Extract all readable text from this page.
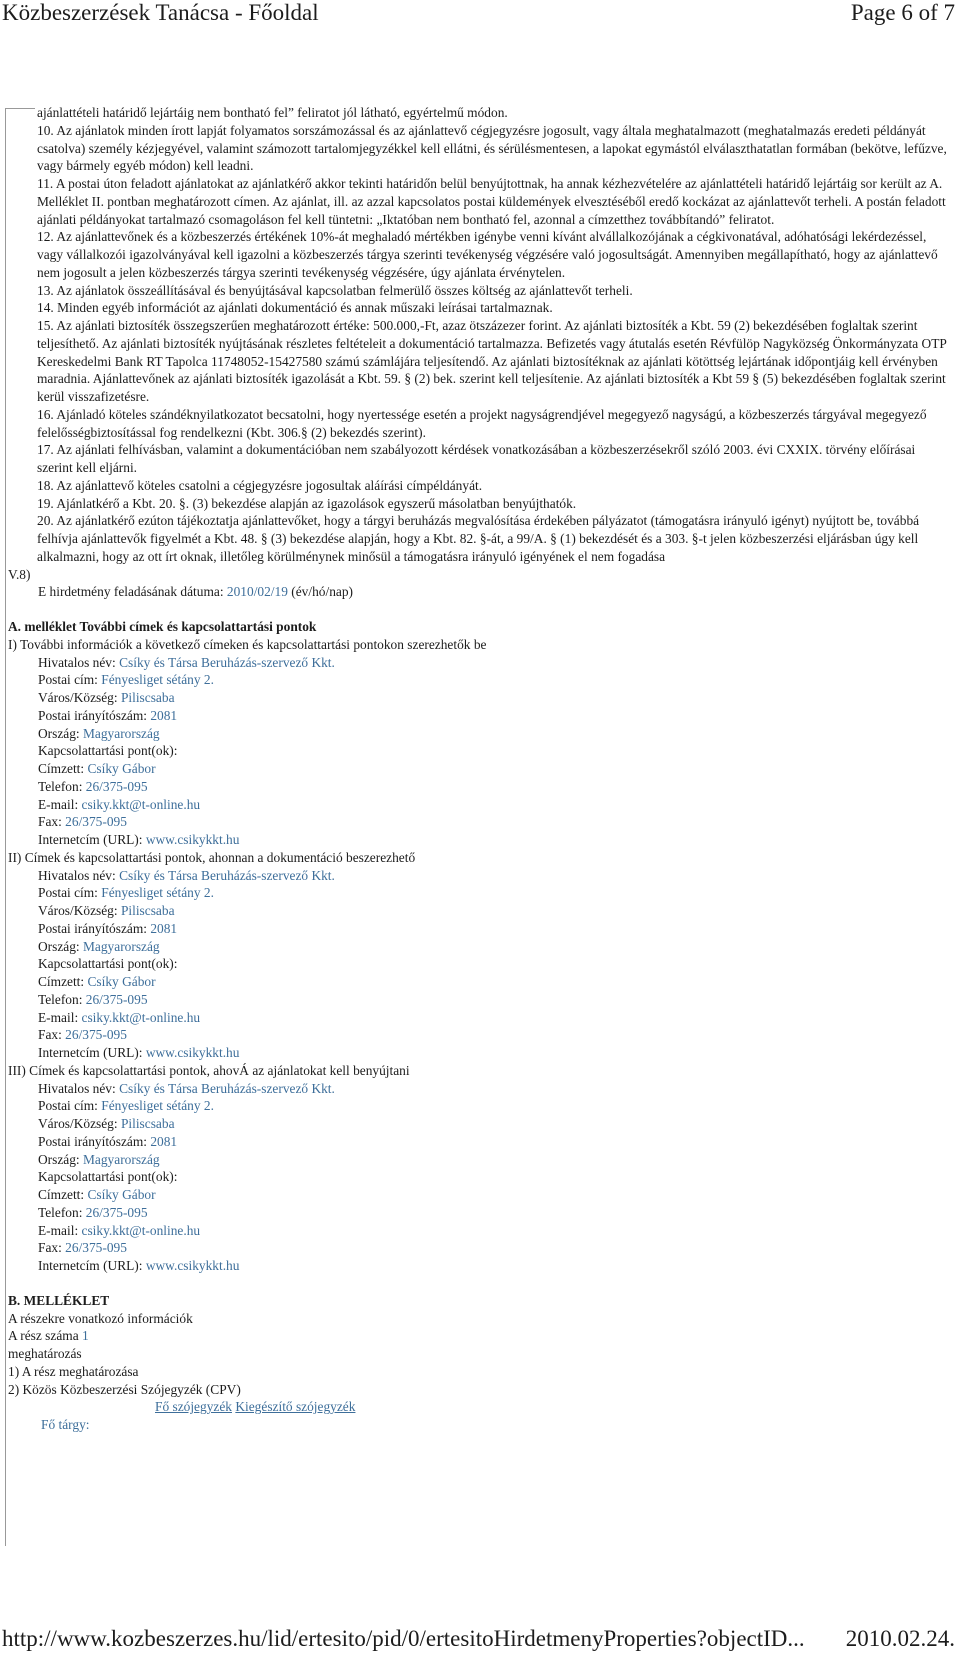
Közbeszerzések Tanácsa - Főoldal	Page 6 of 7

ajánlattételi határidő lejártáig nem bontható fel” feliratot jól látható, egyértelmű módon.

10. Az ajánlatok minden írott lapját folyamatos sorszámozással és az ajánlattevő cégjegyzésre jogosult, vagy általa meghatalmazott (meghatalmazás eredeti példányát csatolva) személy kézjegyével, valamint számozott tartalomjegyzékkel kell ellátni, és sérülésmentesen, a lapokat egymástól elválaszthatatlan formában (bekötve, lefűzve, vagy bármely egyéb módon) kell leadni.

11. A postai úton feladott ajánlatokat az ajánlatkérő akkor tekinti határidőn belül benyújtottnak, ha annak kézhezvételére az ajánlattételi határidő lejártáig sor került az A. Melléklet II. pontban meghatározott címen. Az ajánlat, ill. az azzal kapcsolatos postai küldemények elvesztéséből eredő kockázat az ajánlattevőt terheli. A postán feladott ajánlati példányokat tartalmazó csomagoláson fel kell tüntetni: „Iktatóban nem bontható fel, azonnal a címzetthez továbbítandó” feliratot.

12. Az ajánlattevőnek és a közbeszerzés értékének 10%-át meghaladó mértékben igénybe venni kívánt alvállalkozójának a cégkivonatával, adóhatósági lekérdezéssel, vagy vállalkozói igazolványával kell igazolni a közbeszerzés tárgya szerinti tevékenység végzésére való jogosultságát. Amennyiben megállapítható, hogy az ajánlattevő nem jogosult a jelen közbeszerzés tárgya szerinti tevékenység végzésére, úgy ajánlata érvénytelen.

13. Az ajánlatok összeállításával és benyújtásával kapcsolatban felmerülő összes költség az ajánlattevőt terheli.

14. Minden egyéb információt az ajánlati dokumentáció és annak műszaki leírásai tartalmaznak.

15. Az ajánlati biztosíték összegszerűen meghatározott értéke: 500.000,-Ft, azaz ötszázezer forint. Az ajánlati biztosíték a Kbt. 59 (2) bekezdésében foglaltak szerint teljesíthető. Az ajánlati biztosíték nyújtásának részletes feltételeit a dokumentáció tartalmazza. Befizetés vagy átutalás esetén Révfülöp Nagyközség Önkormányzata OTP Kereskedelmi Bank RT Tapolca 11748052-15427580 számú számlájára teljesítendő. Az ajánlati biztosítéknak az ajánlati kötöttség lejártának időpontjáig kell érvényben maradnia. Ajánlattevőnek az ajánlati biztosíték igazolását a Kbt. 59. § (2) bek. szerint kell teljesítenie. Az ajánlati biztosíték a Kbt 59 § (5) bekezdésében foglaltak szerint kerül visszafizetésre.

16. Ajánladó köteles szándéknyilatkozatot becsatolni, hogy nyertessége esetén a projekt nagyságrendjével megegyező nagyságú, a közbeszerzés tárgyával megegyező felelősségbiztosítással fog rendelkezni (Kbt. 306.§ (2) bekezdés szerint).

17. Az ajánlati felhívásban, valamint a dokumentációban nem szabályozott kérdések vonatkozásában a közbeszerzésekről szóló 2003. évi CXXIX. törvény előírásai szerint kell eljárni.

18. Az ajánlattevő köteles csatolni a cégjegyzésre jogosultak aláírási címpéldányát.

19. Ajánlatkérő a Kbt. 20. §. (3) bekezdése alapján az igazolások egyszerű másolatban benyújthatók.

20. Az ajánlatkérő ezúton tájékoztatja ajánlattevőket, hogy a tárgyi beruházás megvalósítása érdekében pályázatot (támogatásra irányuló igényt) nyújtott be, továbbá felhívja ajánlattevők figyelmét a Kbt. 48. § (3) bekezdése alapján, hogy a Kbt. 82. §-át, a 99/A. § (1) bekezdését és a 303. §-t jelen közbeszerzési eljárásban úgy kell alkalmazni, hogy az ott írt oknak, illetőleg körülménynek minősül a támogatásra irányuló igényének el nem fogadása

V.8)

E hirdetmény feladásának dátuma: 2010/02/19 (év/hó/nap)

A. melléklet További címek és kapcsolattartási pontok

I) További információk a következő címeken és kapcsolattartási pontokon szerezhetők be

Hivatalos név: Csíky és Társa Beruházás-szervező Kkt.

Postai cím: Fényesliget sétány 2.

Város/Község: Piliscsaba

Postai irányítószám: 2081

Ország: Magyarország

Kapcsolattartási pont(ok):

Címzett: Csíky Gábor

Telefon: 26/375-095

E-mail: csiky.kkt@t-online.hu

Fax: 26/375-095

Internetcím (URL): www.csikykkt.hu

II) Címek és kapcsolattartási pontok, ahonnan a dokumentáció beszerezhető

Hivatalos név: Csíky és Társa Beruházás-szervező Kkt.

Postai cím: Fényesliget sétány 2.

Város/Község: Piliscsaba

Postai irányítószám: 2081

Ország: Magyarország

Kapcsolattartási pont(ok):

Címzett: Csíky Gábor

Telefon: 26/375-095

E-mail: csiky.kkt@t-online.hu

Fax: 26/375-095

Internetcím (URL): www.csikykkt.hu

III) Címek és kapcsolattartási pontok, ahovÁ az ajánlatokat kell benyújtani

Hivatalos név: Csíky és Társa Beruházás-szervező Kkt.

Postai cím: Fényesliget sétány 2.

Város/Község: Piliscsaba

Postai irányítószám: 2081

Ország: Magyarország

Kapcsolattartási pont(ok):

Címzett: Csíky Gábor

Telefon: 26/375-095

E-mail: csiky.kkt@t-online.hu

Fax: 26/375-095

Internetcím (URL): www.csikykkt.hu

B. MELLÉKLET

A részekre vonatkozó információk

A rész száma 1

meghatározás

1) A rész meghatározása

2) Közös Közbeszerzési Szójegyzék (CPV)

Fő szójegyzék Kiegészítő szójegyzék

Fő tárgy:

http://www.kozbeszerzes.hu/lid/ertesito/pid/0/ertesitoHirdetmenyProperties?objectID... 2010.02.24.
